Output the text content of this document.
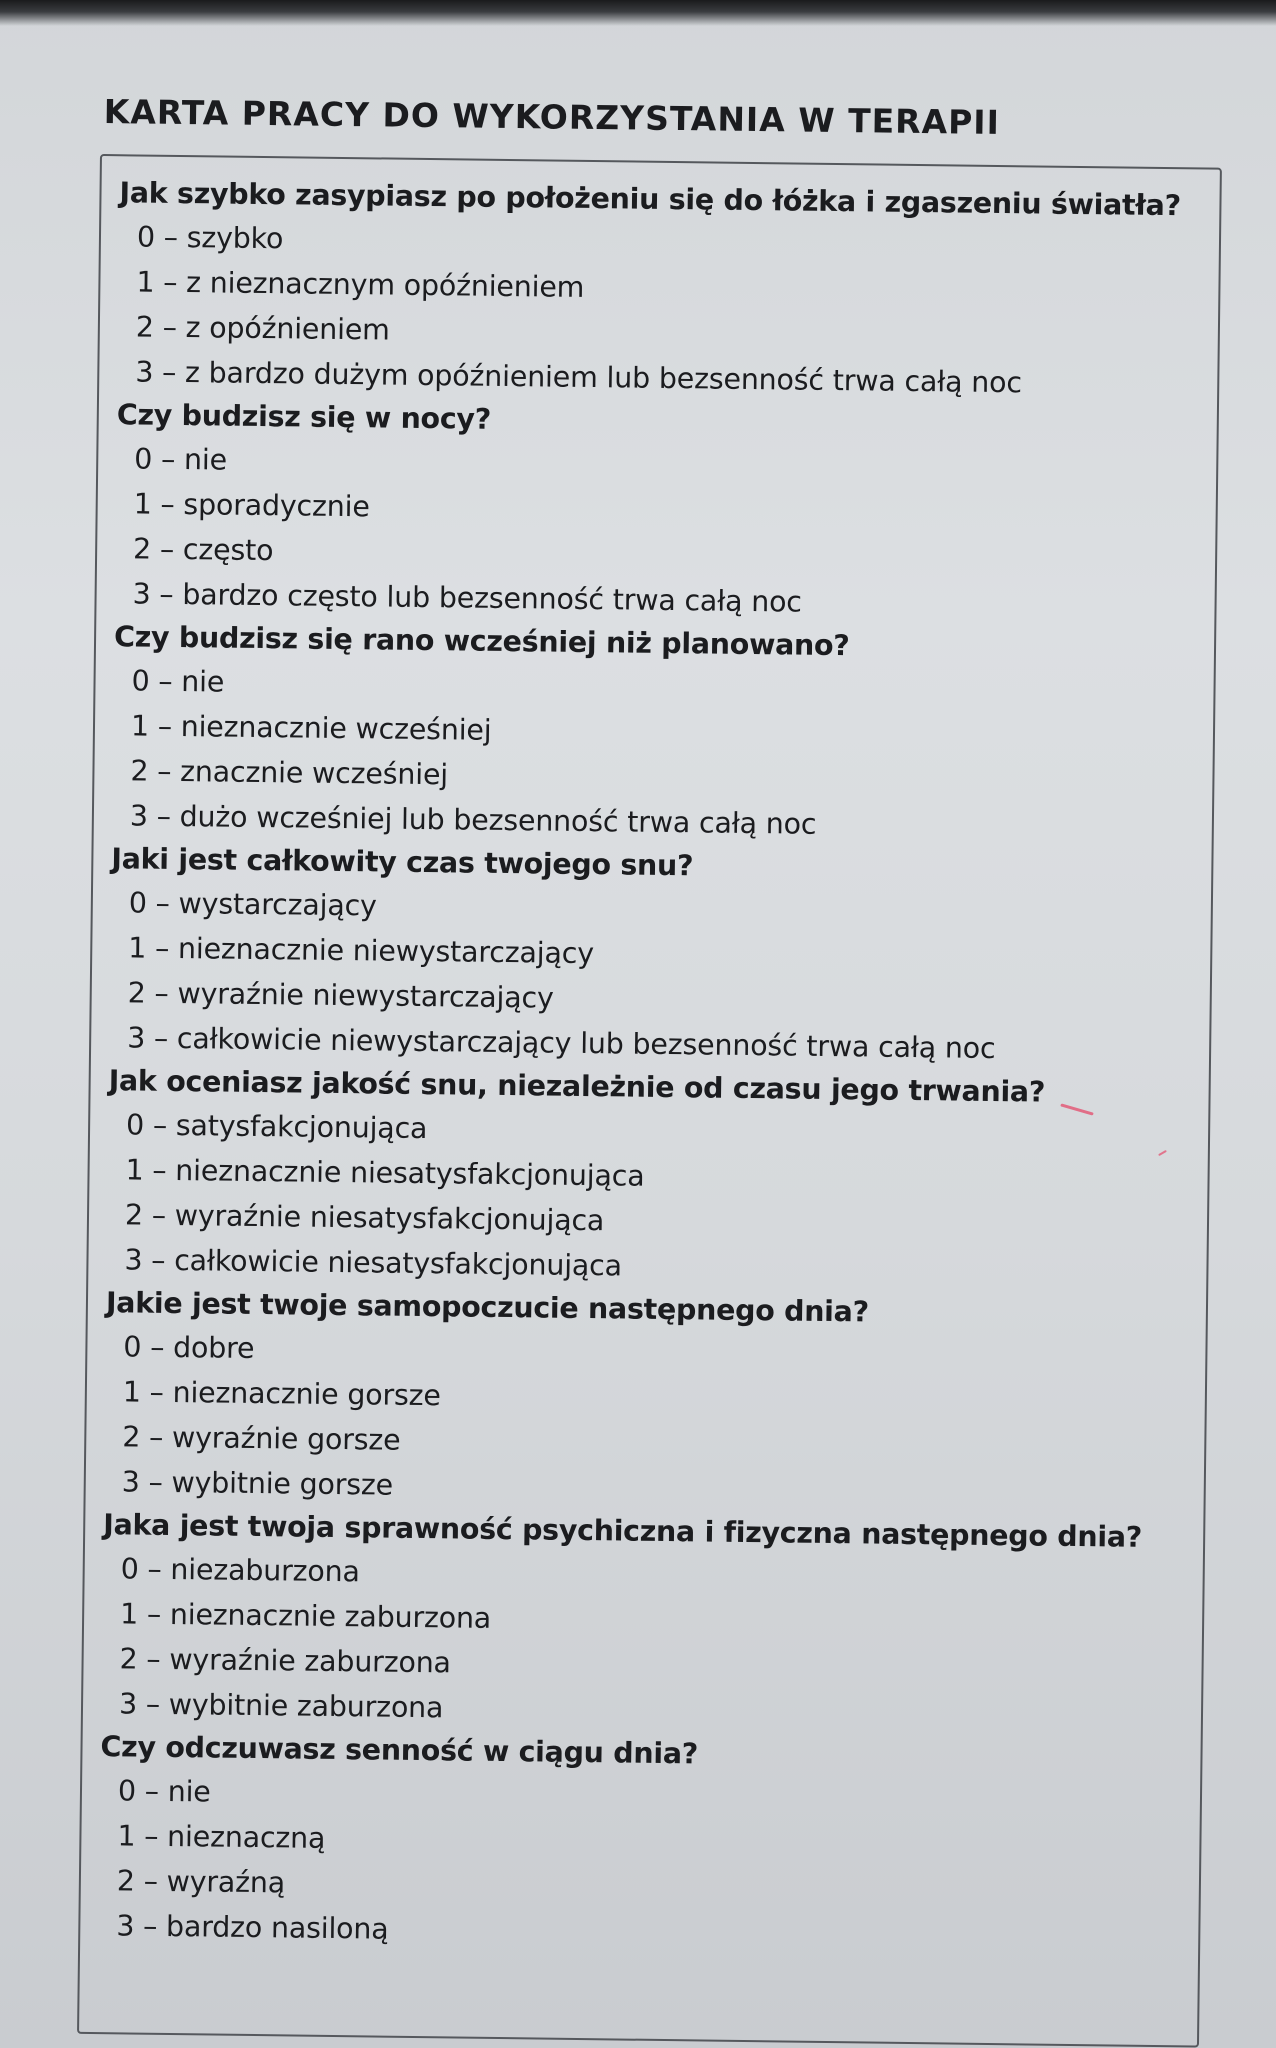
KARTA PRACY DO WYKORZYSTANIA W TERAPII
Jak szybko zasypiasz po położeniu się do łóżka i zgaszeniu światła?
0 – szybko
1 – z nieznacznym opóźnieniem
2 – z opóźnieniem
3 – z bardzo dużym opóźnieniem lub bezsenność trwa całą noc
Czy budzisz się w nocy?
0 – nie
1 – sporadycznie
2 – często
3 – bardzo często lub bezsenność trwa całą noc
Czy budzisz się rano wcześniej niż planowano?
0 – nie
1 – nieznacznie wcześniej
2 – znacznie wcześniej
3 – dużo wcześniej lub bezsenność trwa całą noc
Jaki jest całkowity czas twojego snu?
0 – wystarczający
1 – nieznacznie niewystarczający
2 – wyraźnie niewystarczający
3 – całkowicie niewystarczający lub bezsenność trwa całą noc
Jak oceniasz jakość snu, niezależnie od czasu jego trwania?
0 – satysfakcjonująca
1 – nieznacznie niesatysfakcjonująca
2 – wyraźnie niesatysfakcjonująca
3 – całkowicie niesatysfakcjonująca
Jakie jest twoje samopoczucie następnego dnia?
0 – dobre
1 – nieznacznie gorsze
2 – wyraźnie gorsze
3 – wybitnie gorsze
Jaka jest twoja sprawność psychiczna i fizyczna następnego dnia?
0 – niezaburzona
1 – nieznacznie zaburzona
2 – wyraźnie zaburzona
3 – wybitnie zaburzona
Czy odczuwasz senność w ciągu dnia?
0 – nie
1 – nieznaczną
2 – wyraźną
3 – bardzo nasiloną
